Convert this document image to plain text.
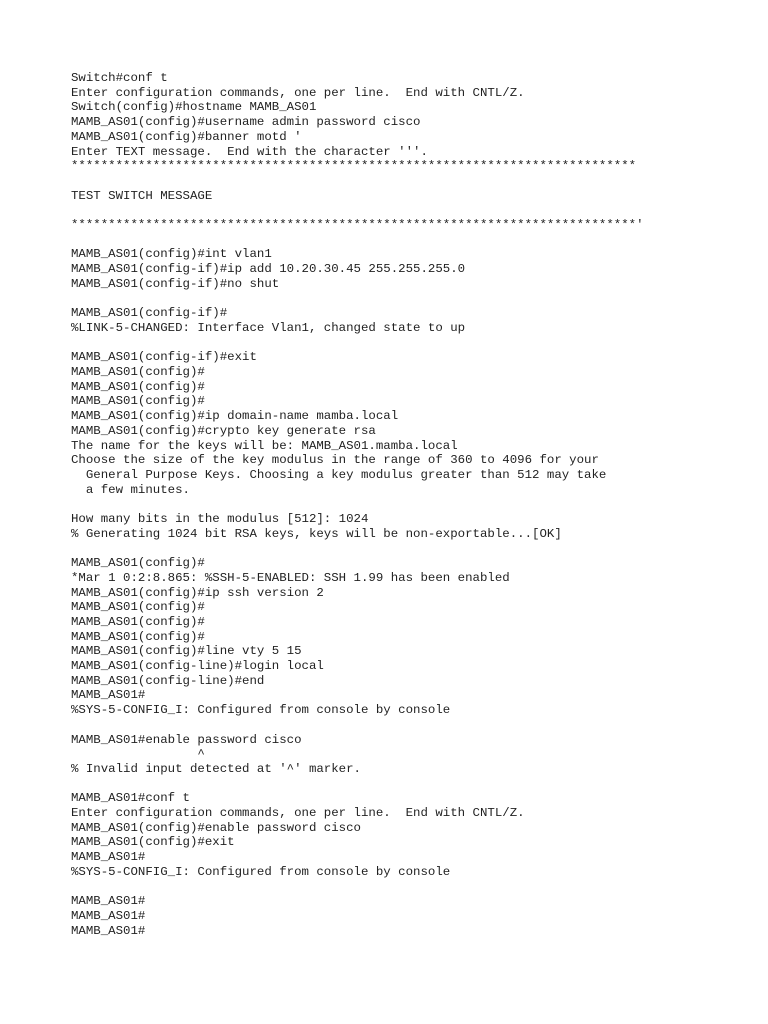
Switch#conf t
Enter configuration commands, one per line.  End with CNTL/Z.
Switch(config)#hostname MAMB_AS01
MAMB_AS01(config)#username admin password cisco
MAMB_AS01(config)#banner motd '
Enter TEXT message.  End with the character '''.
****************************************************************************
TEST SWITCH MESSAGE
****************************************************************************'
MAMB_AS01(config)#int vlan1
MAMB_AS01(config-if)#ip add 10.20.30.45 255.255.255.0
MAMB_AS01(config-if)#no shut
MAMB_AS01(config-if)#
%LINK-5-CHANGED: Interface Vlan1, changed state to up
MAMB_AS01(config-if)#exit
MAMB_AS01(config)#
MAMB_AS01(config)#
MAMB_AS01(config)#
MAMB_AS01(config)#ip domain-name mamba.local
MAMB_AS01(config)#crypto key generate rsa
The name for the keys will be: MAMB_AS01.mamba.local
Choose the size of the key modulus in the range of 360 to 4096 for your
General Purpose Keys. Choosing a key modulus greater than 512 may take
a few minutes.
How many bits in the modulus [512]: 1024
% Generating 1024 bit RSA keys, keys will be non-exportable...[OK]
MAMB_AS01(config)#
*Mar 1 0:2:8.865: %SSH-5-ENABLED: SSH 1.99 has been enabled
MAMB_AS01(config)#ip ssh version 2
MAMB_AS01(config)#
MAMB_AS01(config)#
MAMB_AS01(config)#
MAMB_AS01(config)#line vty 5 15
MAMB_AS01(config-line)#login local
MAMB_AS01(config-line)#end
MAMB_AS01#
%SYS-5-CONFIG_I: Configured from console by console
MAMB_AS01#enable password cisco
^
% Invalid input detected at '^' marker.
MAMB_AS01#conf t
Enter configuration commands, one per line.  End with CNTL/Z.
MAMB_AS01(config)#enable password cisco
MAMB_AS01(config)#exit
MAMB_AS01#
%SYS-5-CONFIG_I: Configured from console by console
MAMB_AS01#
MAMB_AS01#
MAMB_AS01#
